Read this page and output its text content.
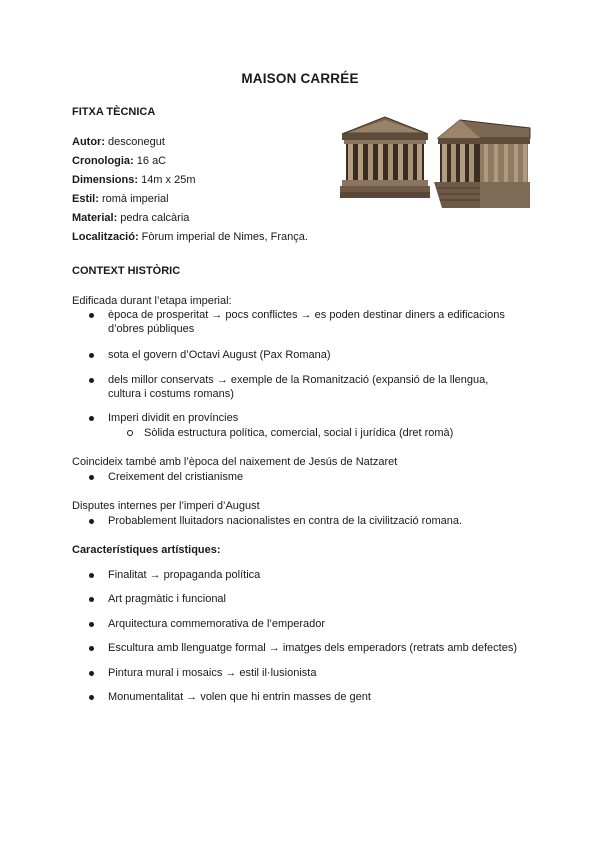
MAISON CARRÉE
FITXA TÈCNICA
Autor: desconegut
Cronologia: 16 aC
Dimensions: 14m x 25m
Estil: romà imperial
Material: pedra calcària
Localització: Fòrum imperial de Nimes, França.
CONTEXT HISTÒRIC
Edificada durant l’etapa imperial:
època de prosperitat → pocs conflictes → es poden destinar diners a edificacions
d’obres públiques
sota el govern d’Octavi August (Pax Romana)
dels millor conservats → exemple de la Romanització (expansió de la llengua,
cultura i costums romans)
Imperi dividit en províncies
Sòlida estructura política, comercial, social i jurídica (dret romà)
Coincideix també amb l’època del naixement de Jesús de Natzaret
Creixement del cristianisme
Disputes internes per l’imperi d’August
Probablement lluitadors nacionalistes en contra de la civilització romana.
Característiques artístiques:
Finalitat → propaganda política
Art pragmàtic i funcional
Arquitectura commemorativa de l’emperador
Escultura amb llenguatge formal → imatges dels emperadors (retrats amb defectes)
Pintura mural i mosaics → estil il·lusionista
Monumentalitat → volen que hi entrin masses de gent
